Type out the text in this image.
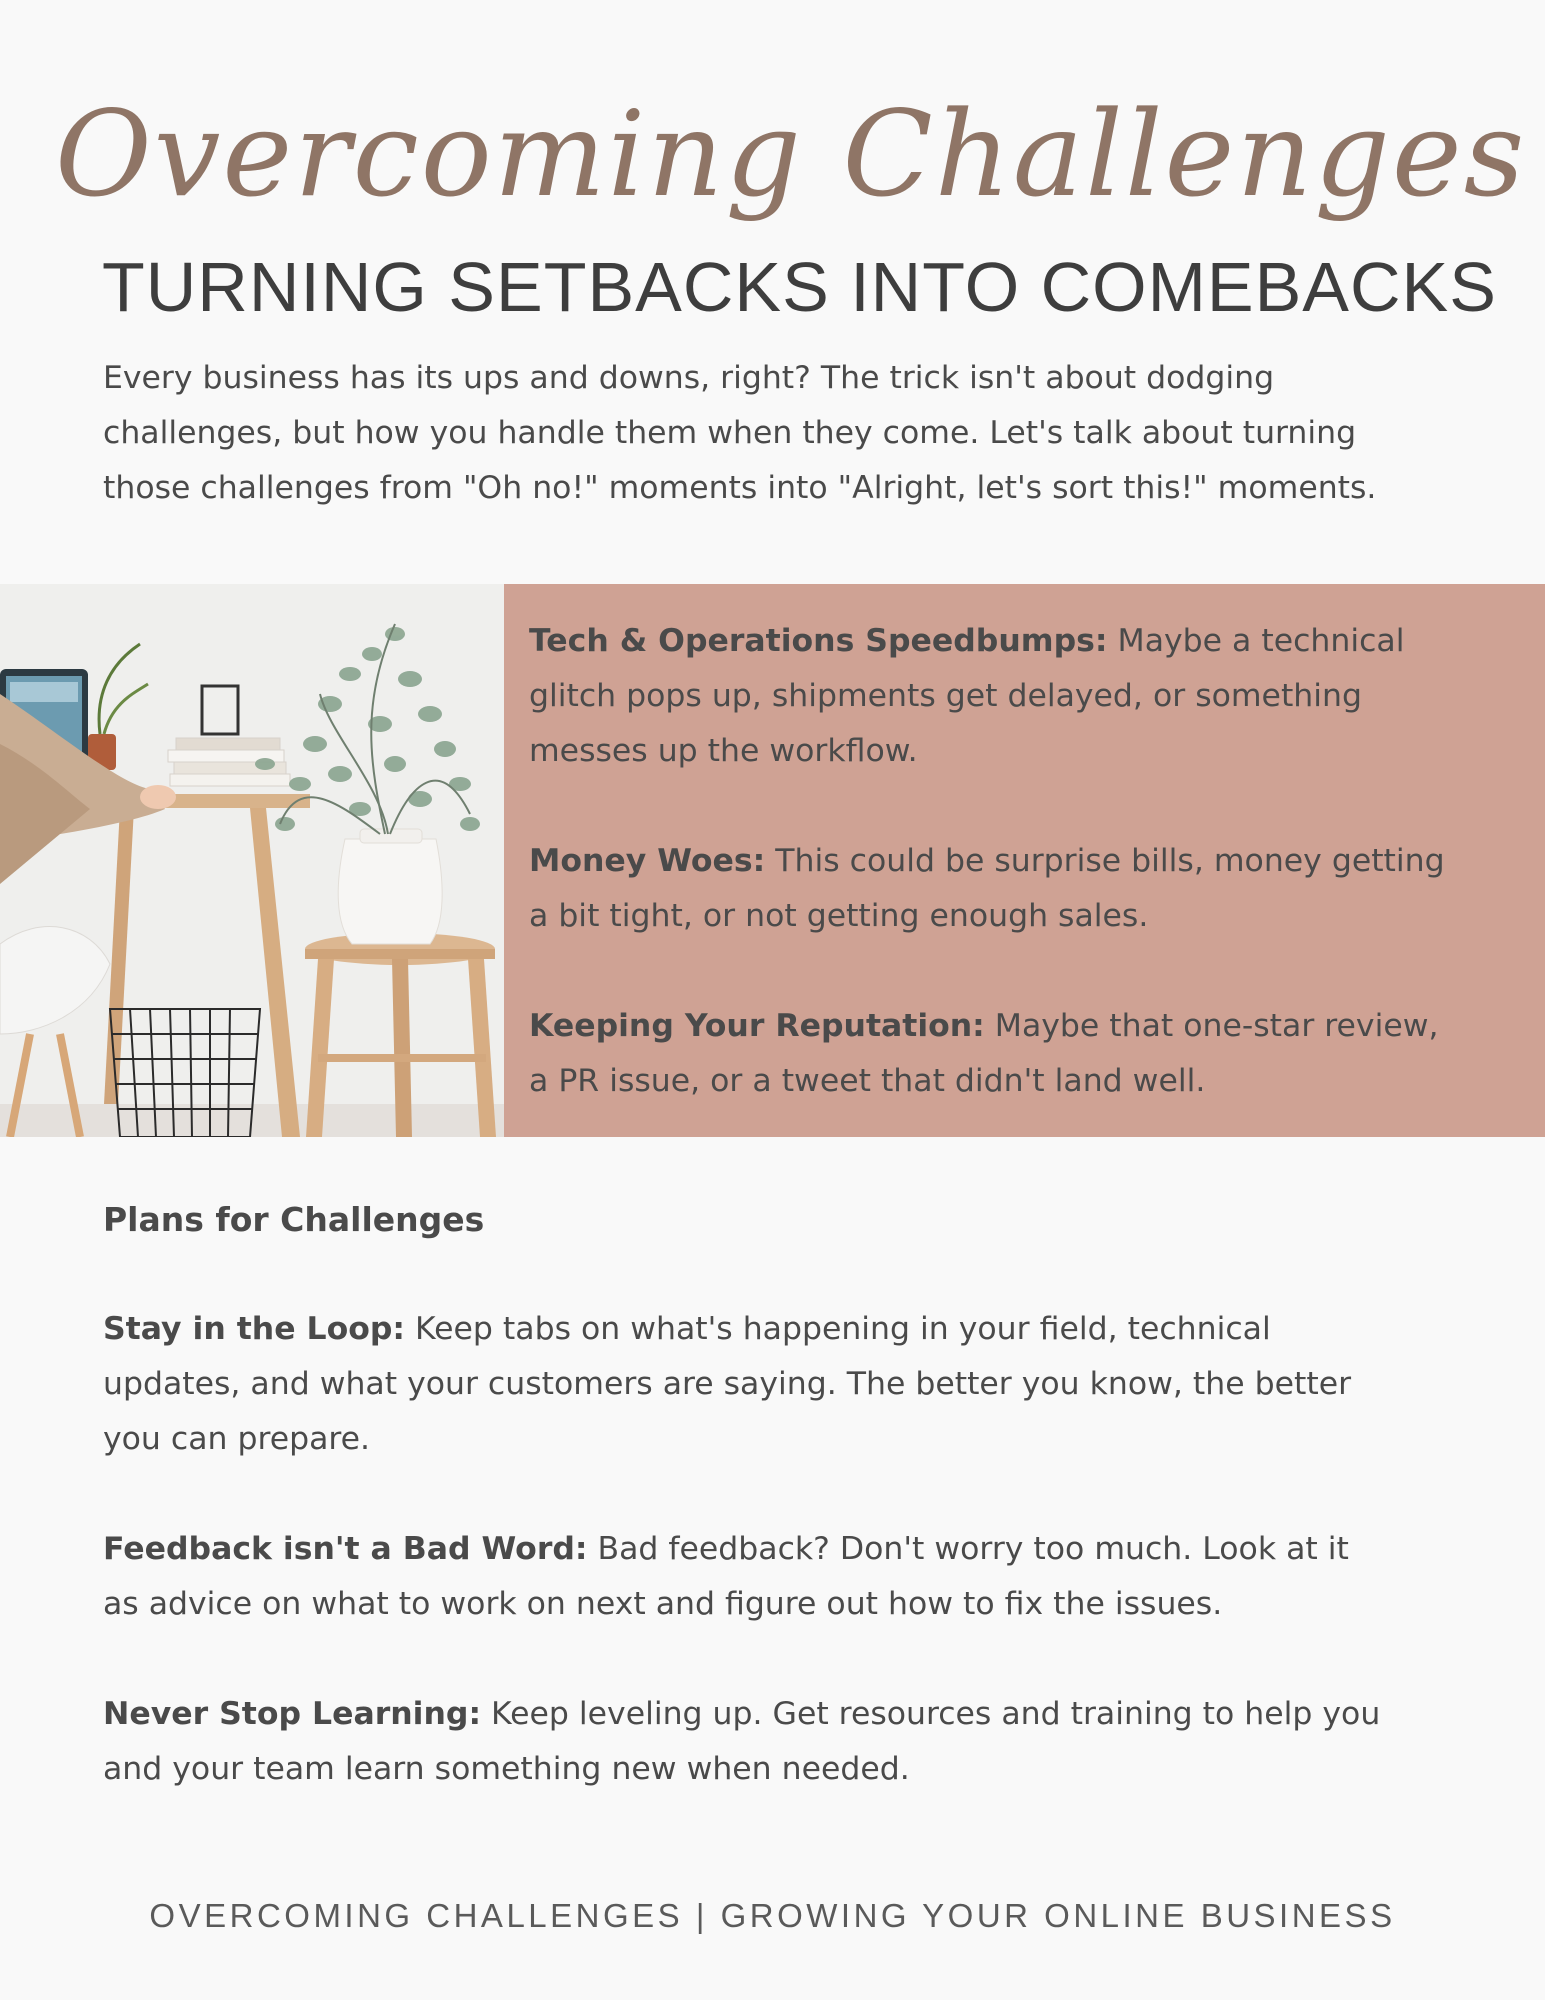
Overcoming Challenges
TURNING SETBACKS INTO COMEBACKS

Every business has its ups and downs, right? The trick isn't about dodging

challenges, but how you handle them when they come. Let's talk about turning

those challenges from "Oh no!" moments into "Alright, let's sort this!" moments.

Tech & Operations Speedbumps: Maybe a technical
glitch pops up, shipments get delayed, or something
messes up the workflow.
Money Woes: This could be surprise bills, money getting
a bit tight, or not getting enough sales.
Keeping Your Reputation: Maybe that one-star review,
a PR issue, or a tweet that didn't land well.
Plans for Challenges
Stay in the Loop: Keep tabs on what's happening in your field, technical
updates, and what your customers are saying. The better you know, the better
you can prepare.
Feedback isn't a Bad Word: Bad feedback? Don't worry too much. Look at it
as advice on what to work on next and figure out how to fix the issues.
Never Stop Learning: Keep leveling up. Get resources and training to help you
and your team learn something new when needed.
OVERCOMING CHALLENGES | GROWING YOUR ONLINE BUSINESS
